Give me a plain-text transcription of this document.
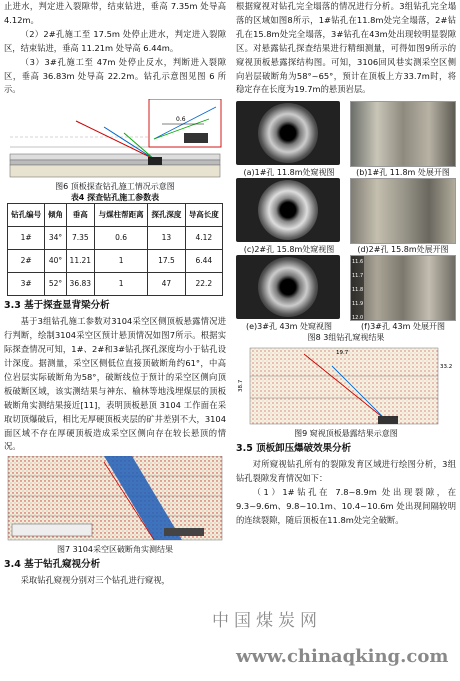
止进水，判定进入裂隙带，结束钻进，垂高 7.35m 处导高 4.12m。

（2）2#孔施工至 17.5m 处停止进水，判定进入裂隙区，结束钻进，垂高 11.21m 处导高 6.44m。

（3）3#孔施工至 47m 处停止反水，判断进入裂隙区，垂高 36.83m 处导高 22.2m。钻孔示意图见图 6 所示。

0.6
图6 顶板探查钻孔施工情况示意图
表4 探查钻孔施工参数表
钻孔编号	倾角	垂高	与煤柱帮距离	探孔深度	导高长度
1#	34°	7.35	0.6	13	4.12
2#	40°	11.21	1	17.5	6.44
3#	52°	36.83	1	47	22.2
3.3 基于探查显背梁分析

基于3组钻孔施工参数对3104采空区侧顶板悬露情况进行判断，绘制3104采空区预计悬顶情况如图7所示。根据实际探查情况可知，1#、2#和3#钻孔探孔深度均小于钻孔设计深度。据测量，采空区侧低位直接顶破断角约61°，中高位岩层实际破断角为58°，破断线位于预计的采空区侧向顶板破断区域，该实测结果与神东、榆林等地浅埋煤层的顶板破断角实测结果接近[11]，表明顶板悬顶 3104 工作面在采取切顶爆破后，相比无厚硬顶板夹层的矿井差别不大，3104 面区域不存在厚硬顶板造成采空区侧向存在较长悬顶的情况。

图7 3104采空区破断角实测结果
3.4 基于钻孔窥视分析

采取钻孔窥视分别对三个钻孔进行窥视，

根据窥视对钻孔完全塌落的情况进行分析。3组钻孔完全塌落的区域如图8所示，1#钻孔在11.8m处完全塌落，2#钻孔在15.8m处完全塌落，3#钻孔在43m处出现较明显裂隙区。对悬露钻孔探查结果进行精细测量，可得如图9所示的窥视顶板悬露探结构图。可知，3106回风巷实测采空区侧向岩层破断角为58°~65°，预计在顶板上方33.7m时，将稳定存在长度为19.7m的悬顶岩层。

(a)1#孔 11.8m处窥视图	(b)1#孔 11.8m 处展开图
(c)2#孔 15.8m处窥视图	(d)2#孔 15.8m处展开图
11.6
11.7
11.8
11.9
12.0
(e)3#孔 43m 处窥视图	(f)3#孔 43m 处展开图
图8 3组钻孔窥视结果
38.7
33.2
19.7
图9 窥视顶板悬露结果示意图
3.5 顶板卸压爆破效果分析

对所窥视钻孔所有的裂隙发育区域进行绘图分析，3组钻孔裂隙发育情况如下：

（1）1#钻孔在 7.8~8.9m 处出现裂隙，在 9.3~9.6m、9.8~10.1m、10.4~10.6m 处出现间隔较明的连续裂隙，随后顶板在11.8m处完全破断。

中国煤炭网
www.chinaqking.com
